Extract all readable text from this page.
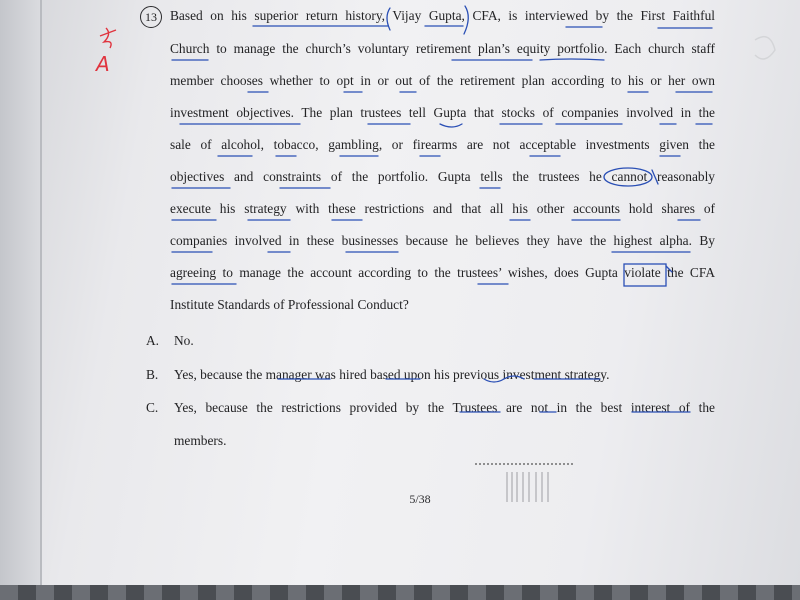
A
13 Based on his superior return history, Vijay Gupta, CFA, is interviewed by the First Faithful
Church to manage the church’s voluntary retirement plan’s equity portfolio. Each church staff
member chooses whether to opt in or out of the retirement plan according to his or her own
investment objectives. The plan trustees tell Gupta that stocks of companies involved in the
sale of alcohol, tobacco, gambling, or firearms are not acceptable investments given the
objectives and constraints of the portfolio. Gupta tells the trustees he cannot reasonably
execute his strategy with these restrictions and that all his other accounts hold shares of
companies involved in these businesses because he believes they have the highest alpha. By
agreeing to manage the account according to the trustees’ wishes, does Gupta violate the CFA
Institute Standards of Professional Conduct?
A. No.
B. Yes, because the manager was hired based upon his previous investment strategy.
C. Yes, because the restrictions provided by the Trustees are not in the best interest of the
members.
5/38
